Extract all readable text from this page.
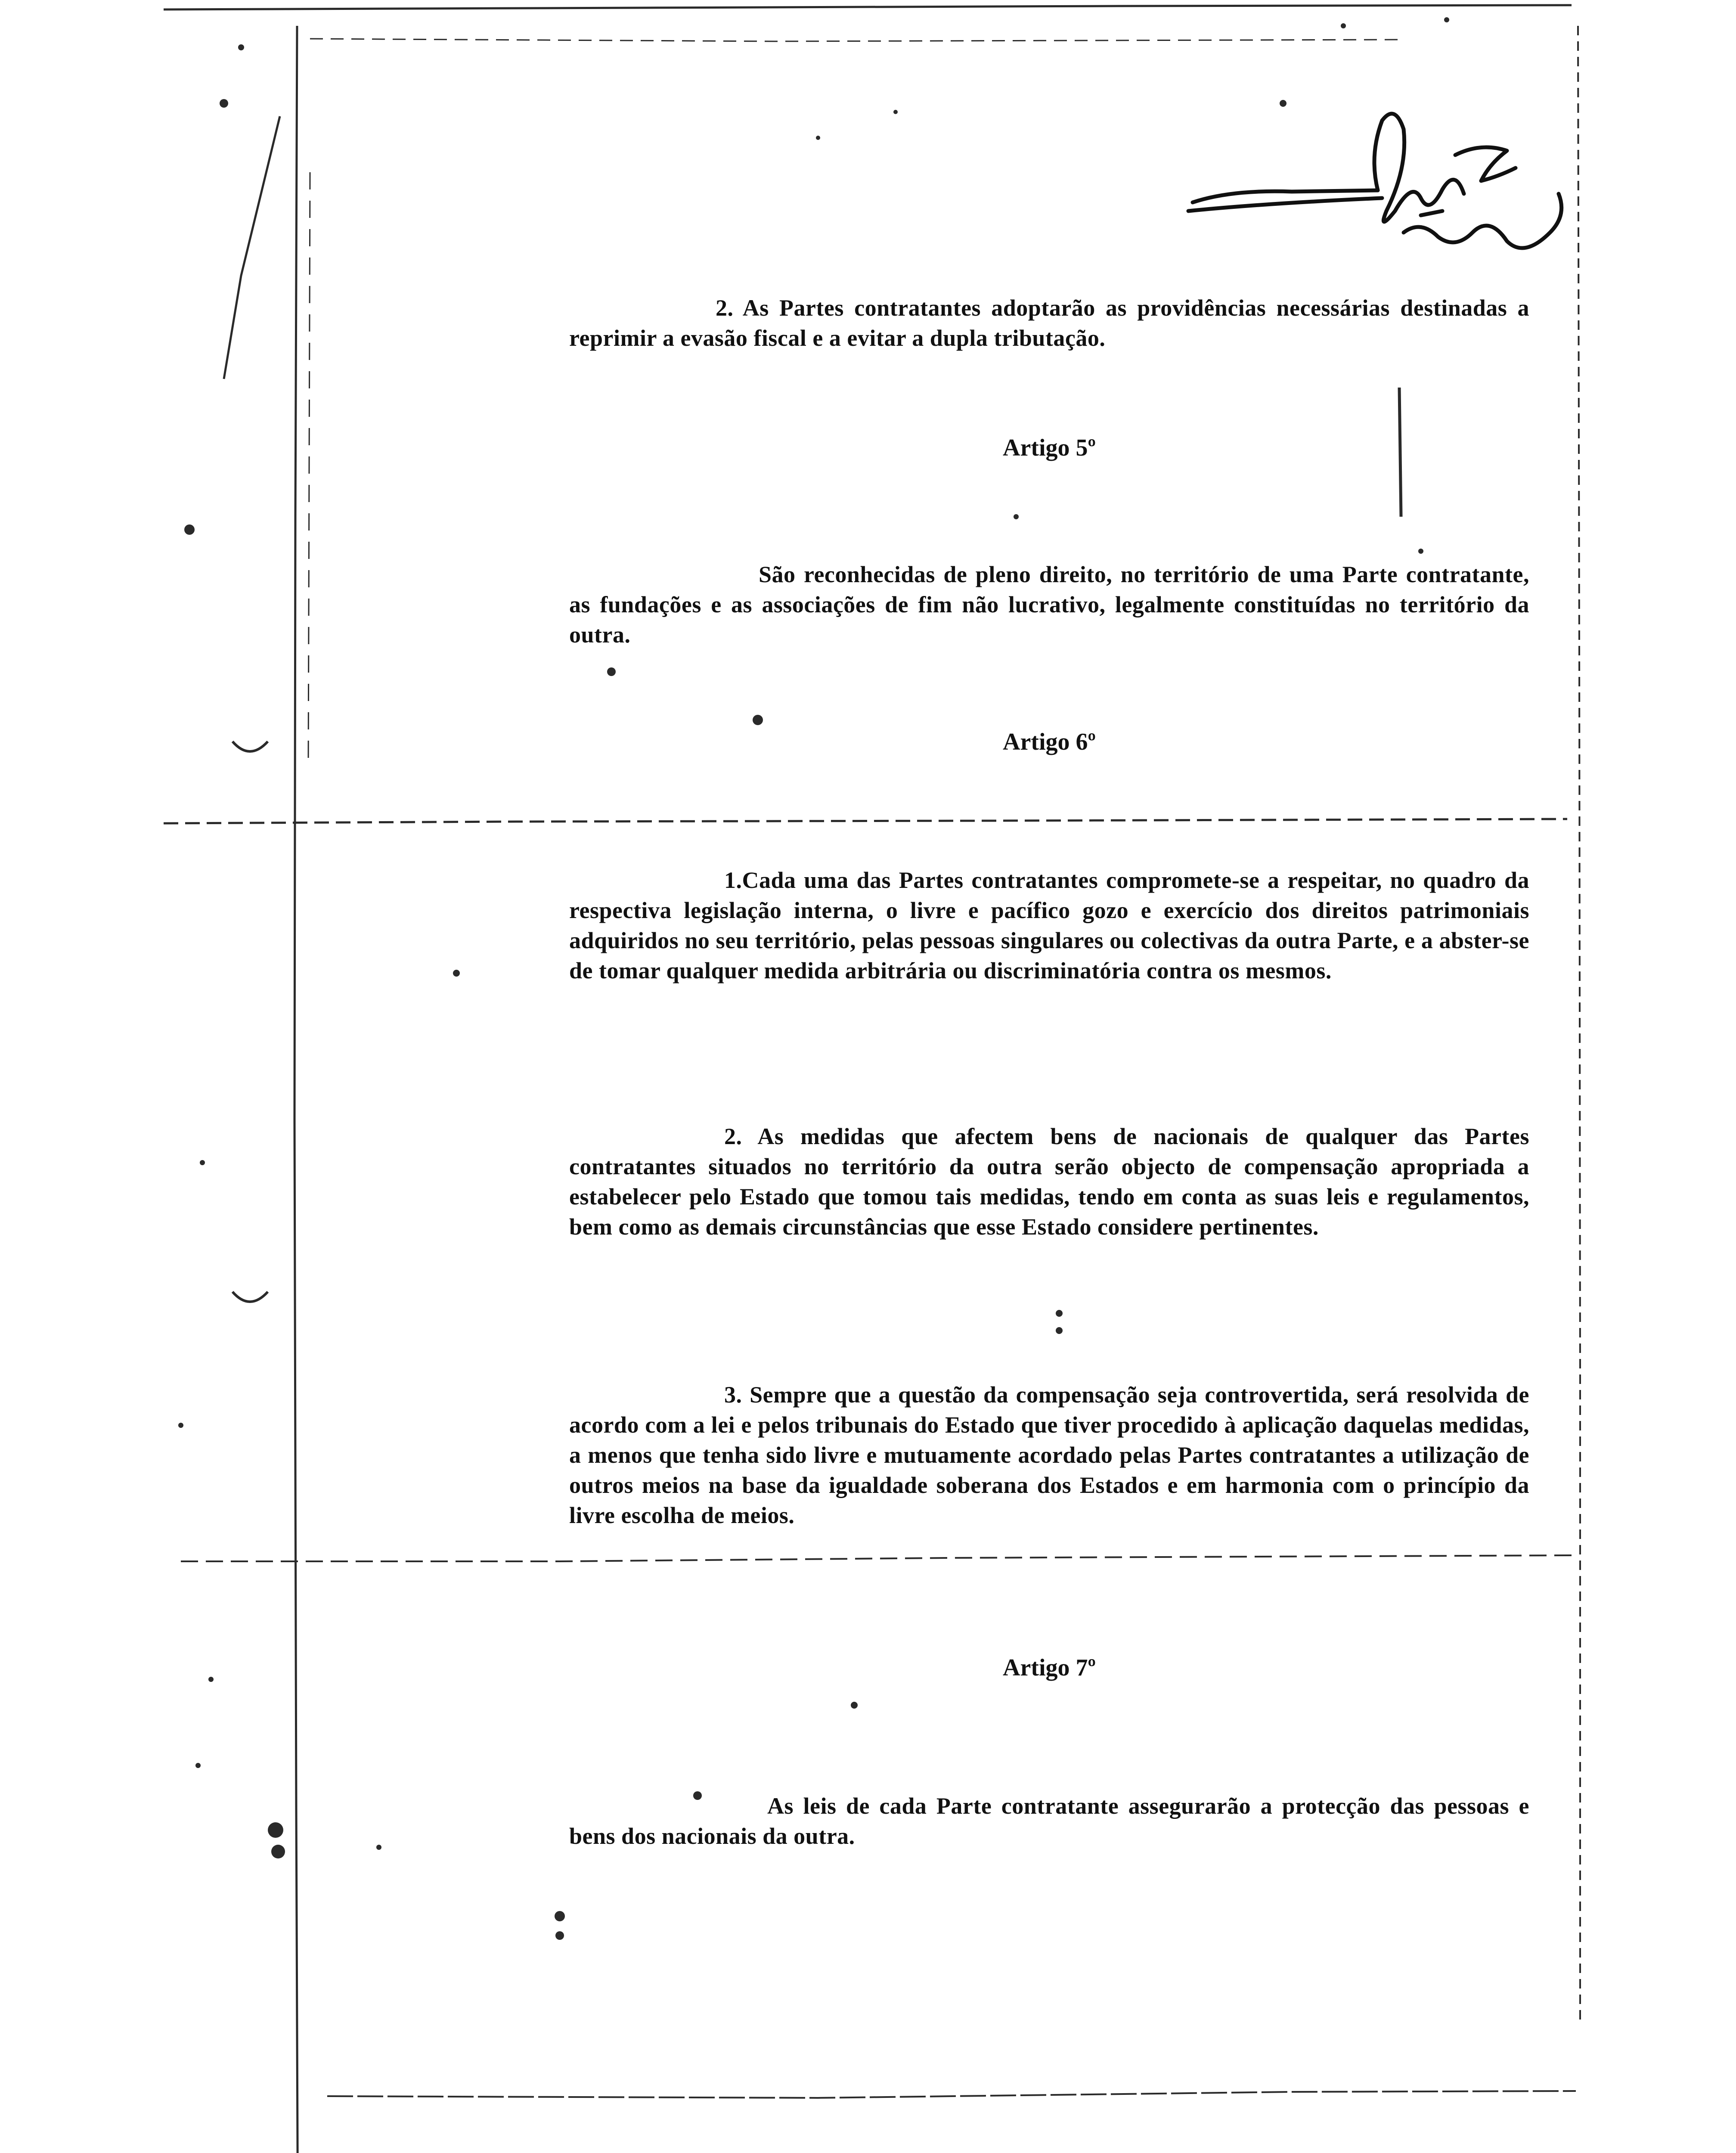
2. As Partes contratantes adoptarão as providências necessárias destinadas a reprimir a evasão fiscal e a evitar a dupla tributação.

Artigo 5º

São reconhecidas de pleno direito, no território de uma Parte contratante, as fundações e as associações de fim não lucrativo, legalmente constituídas no território da outra.

Artigo 6º

1.Cada uma das Partes contratantes compromete-se a respeitar, no quadro da respectiva legislação interna, o livre e pacífico gozo e exercício dos direitos patrimoniais adquiridos no seu território, pelas pessoas singulares ou colectivas da outra Parte, e a abster-se de tomar qualquer medida arbitrária ou discriminatória contra os mesmos.

2. As medidas que afectem bens de nacionais de qualquer das Partes contratantes situados no território da outra serão objecto de compensação apropriada a estabelecer pelo Estado que tomou tais medidas, tendo em conta as suas leis e regulamentos, bem como as demais circunstâncias que esse Estado considere pertinentes.

3. Sempre que a questão da compensação seja controvertida, será resolvida de acordo com a lei e pelos tribunais do Estado que tiver procedido à aplicação daquelas medidas, a menos que tenha sido livre e mutuamente acordado pelas Partes contratantes a utilização de outros meios na base da igualdade soberana dos Estados e em harmonia com o princípio da livre escolha de meios.

Artigo 7º

As leis de cada Parte contratante assegurarão a protecção das pessoas e bens dos nacionais da outra.
